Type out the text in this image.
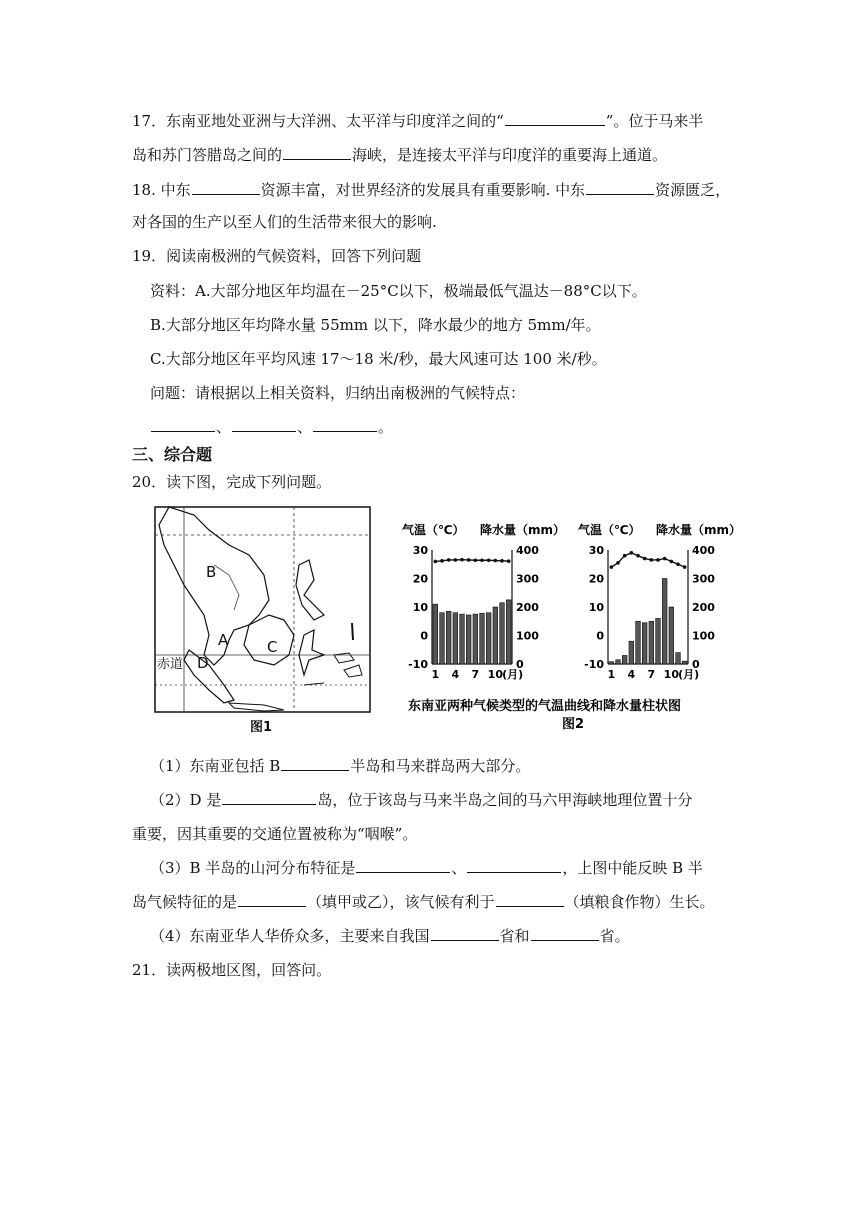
17．东南亚地处亚洲与大洋洲、太平洋与印度洋之间的“	”。位于马来半
岛和苏门答腊岛之间的	海峡，是连接太平洋与印度洋的重要海上通道。
18. 中东	资源丰富，对世界经济的发展具有重要影响. 中东	资源匮乏，
对各国的生产以至人们的生活带来很大的影响.
19．阅读南极洲的气候资料，回答下列问题
资料：A.大部分地区年均温在－25°C以下，极端最低气温达－88°C以下。
B.大部分地区年均降水量 55mm 以下，降水最少的地方 5mm/年。
C.大部分地区年平均风速 17～18 米/秒，最大风速可达 100 米/秒。
问题：请根据以上相关资料，归纳出南极洲的气候特点：
、	、	。
三、综合题
20．读下图，完成下列问题。
B
A	C
D
赤道
图1
气温（℃） 降水量（mm） 气温（℃） 降水量（mm）
30
20
10
0
-10
400
300
200
100
0
1 4 7 10 (月)
30
20
10
0
-10
400
300
200
100
0
1 4 7 10 (月)
东南亚两种气候类型的气温曲线和降水量柱状图
图2
（1）东南亚包括 B	半岛和马来群岛两大部分。
（2）D 是	岛，位于该岛与马来半岛之间的马六甲海峡地理位置十分
重要，因其重要的交通位置被称为“咽喉”。
（3）B 半岛的山河分布特征是	、	，上图中能反映 B 半
岛气候特征的是	（填甲或乙），该气候有利于	（填粮食作物）生长。
（4）东南亚华人华侨众多，主要来自我国	省和	省。
21．读两极地区图，回答问。
